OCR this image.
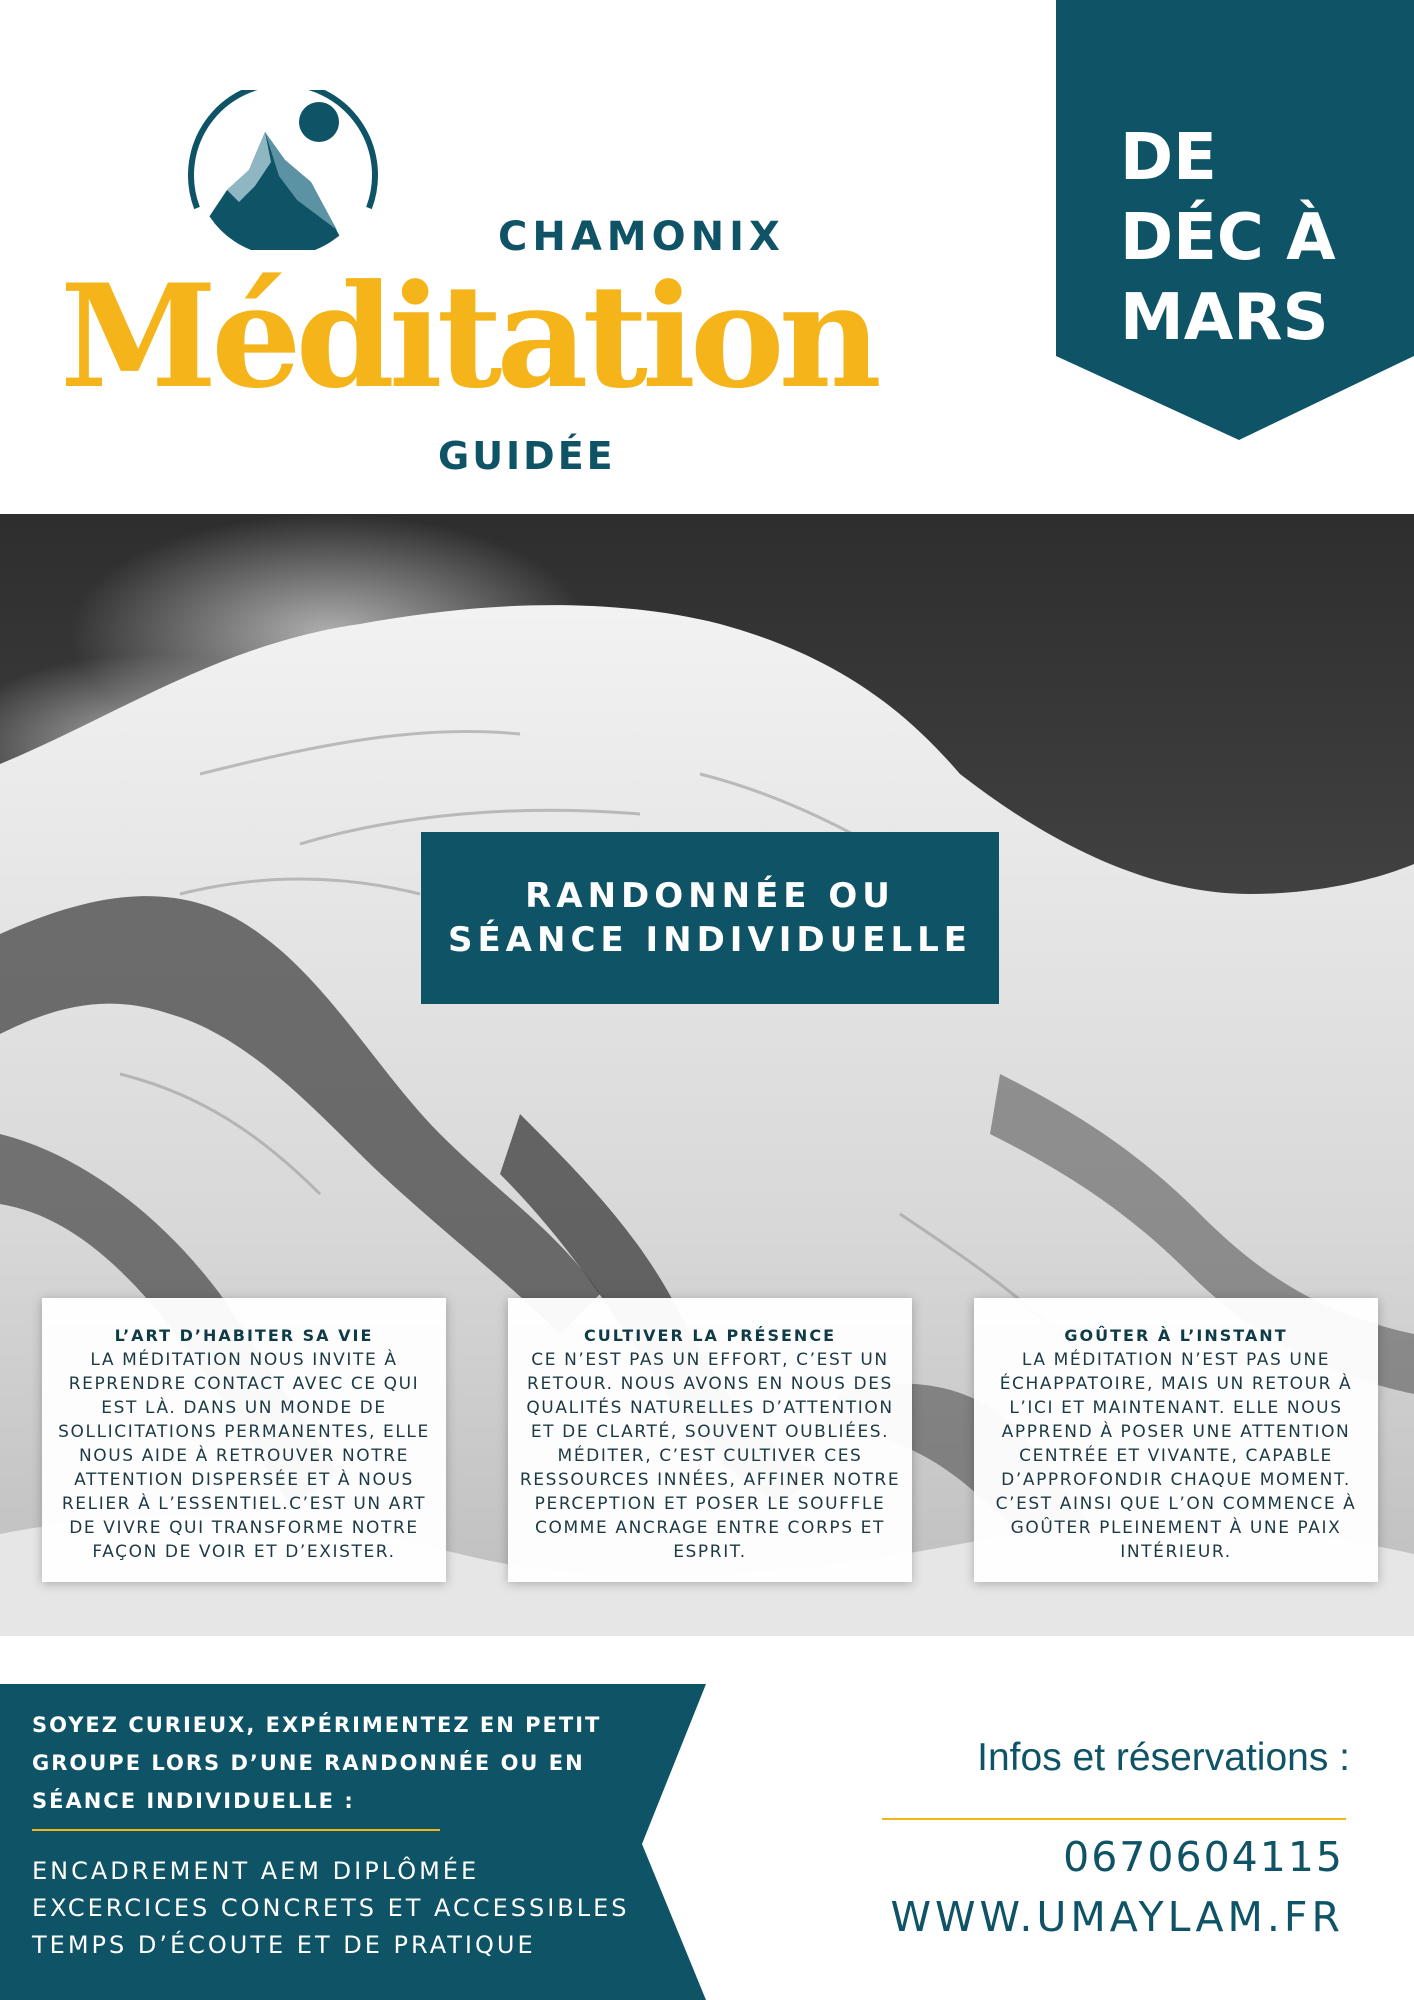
CHAMONIX
Méditation
GUIDÉE
DE
DÉC À
MARS
RANDONNÉE OU
SÉANCE INDIVIDUELLE
L’ART D’HABITER SA VIE
LA MÉDITATION NOUS INVITE À REPRENDRE CONTACT AVEC CE QUI EST LÀ. DANS UN MONDE DE SOLLICITATIONS PERMANENTES, ELLE NOUS AIDE À RETROUVER NOTRE ATTENTION DISPERSÉE ET À NOUS RELIER À L’ESSENTIEL.C’EST UN ART DE VIVRE QUI TRANSFORME NOTRE FAÇON DE VOIR ET D’EXISTER.
CULTIVER LA PRÉSENCE
CE N’EST PAS UN EFFORT, C’EST UN RETOUR. NOUS AVONS EN NOUS DES QUALITÉS NATURELLES D’ATTENTION ET DE CLARTÉ, SOUVENT OUBLIÉES. MÉDITER, C’EST CULTIVER CES RESSOURCES INNÉES, AFFINER NOTRE PERCEPTION ET POSER LE SOUFFLE COMME ANCRAGE ENTRE CORPS ET ESPRIT.
GOÛTER À L’INSTANT
LA MÉDITATION N’EST PAS UNE ÉCHAPPATOIRE, MAIS UN RETOUR À L’ICI ET MAINTENANT. ELLE NOUS APPREND À POSER UNE ATTENTION CENTRÉE ET VIVANTE, CAPABLE D’APPROFONDIR CHAQUE MOMENT. C’EST AINSI QUE L’ON COMMENCE À GOÛTER PLEINEMENT À UNE PAIX INTÉRIEUR.
SOYEZ CURIEUX, EXPÉRIMENTEZ EN PETIT
GROUPE LORS D’UNE RANDONNÉE OU EN
SÉANCE INDIVIDUELLE :
ENCADREMENT AEM DIPLÔMÉE
EXCERCICES CONCRETS ET ACCESSIBLES
TEMPS D’ÉCOUTE ET DE PRATIQUE
Infos et réservations :
0670604115
WWW.UMAYLAM.FR
